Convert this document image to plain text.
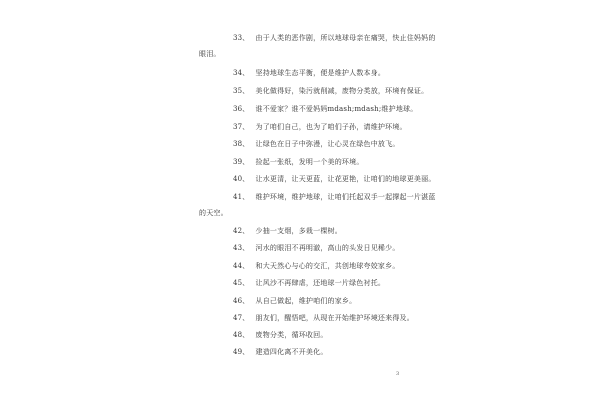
33、 由于人类的恶作剧，所以地球母亲在痛哭，快止住妈妈的
眼泪。
34、 坚持地球生态平衡，便是维护人数本身。
35、 美化做得好，染污就削减，废物分类放，环境有保证。
36、 谁不爱家？谁不爱妈妈mdash;mdash;维护地球。
37、 为了咱们自己，也为了咱们子孙，请维护环境。
38、 让绿色在日子中弥漫，让心灵在绿色中放飞。
39、 捡起一张纸，发明一个美的环境。
40、 让水更清，让天更蓝，让花更艳，让咱们的地球更美丽。
41、 维护环境，维护地球，让咱们托起双手一起撑起一片湛蓝
的天空。
42、 少抽一支烟，多栽一棵树。
43、 河水的眼泪不再明澈，高山的头发日见稀少。
44、 和大天然心与心的交汇，共创地球夸姣家乡。
45、 让风沙不再肆虐，还地球一片绿色衬托。
46、 从自己做起，维护咱们的家乡。
47、 朋友们，醒悟吧，从现在开始维护环境还来得及。
48、 废物分类，循环收回。
49、 建造四化离不开美化。
3
